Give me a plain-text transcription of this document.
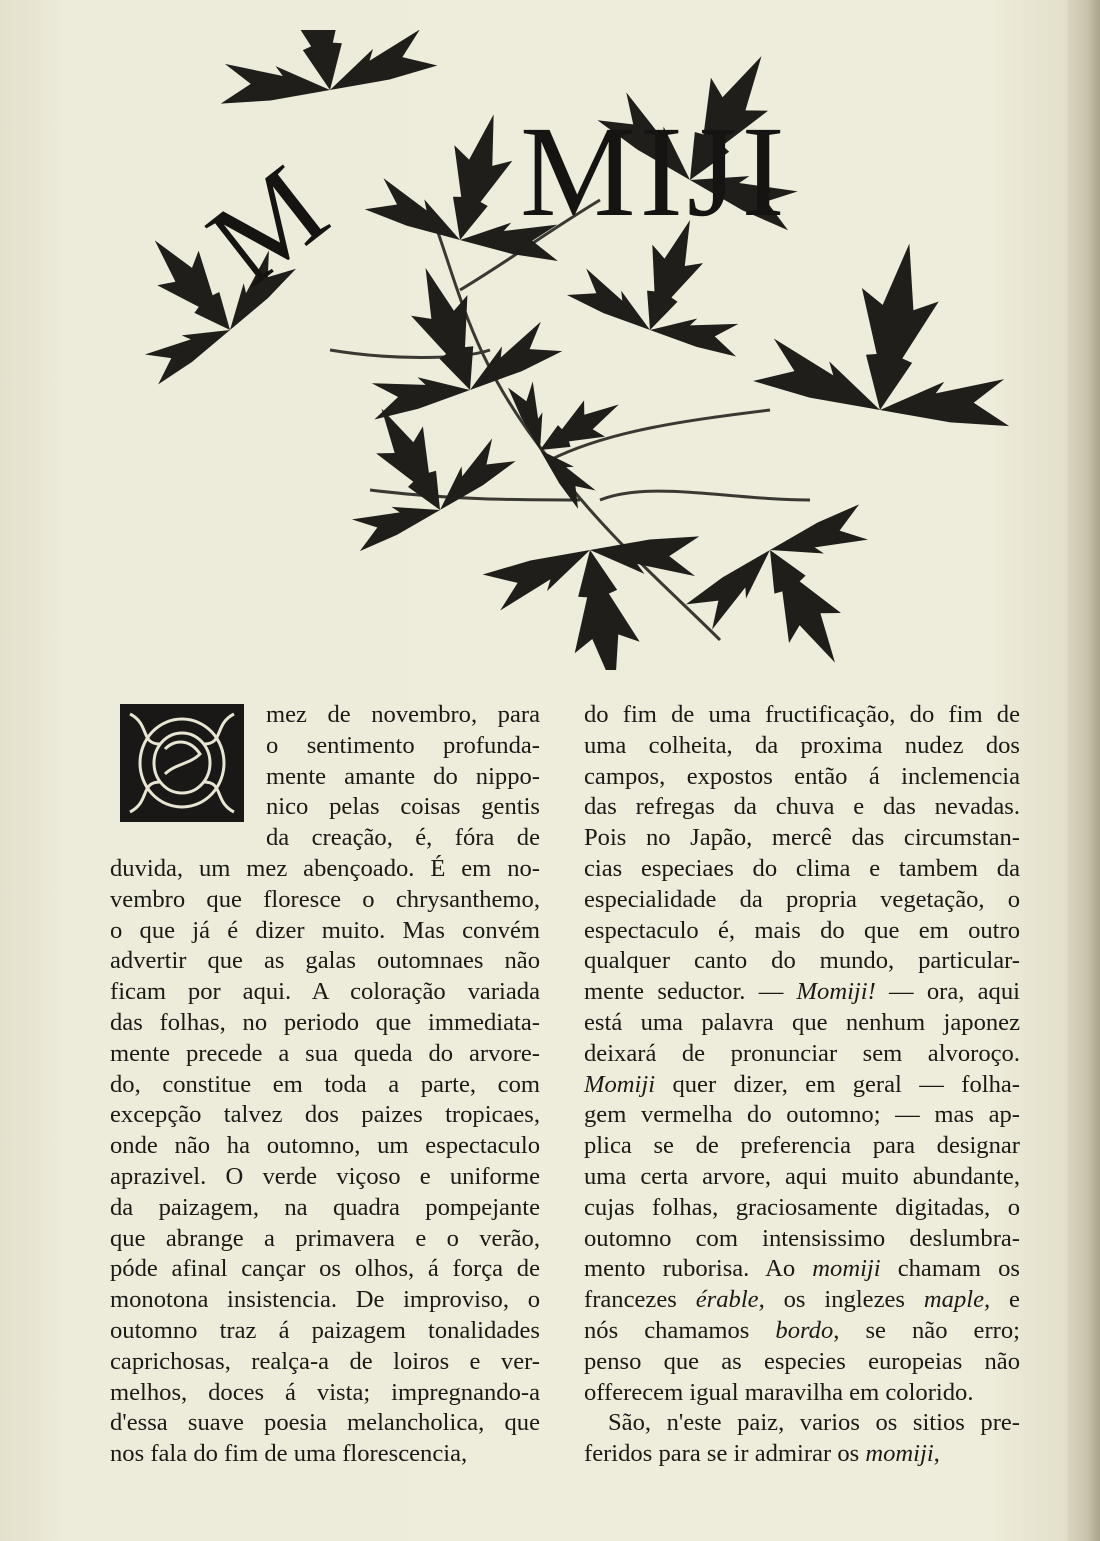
M MIJI
mez de novembro, para
o sentimento profunda-
mente amante do nippo-
nico pelas coisas gentis
da creação, é, fóra de
duvida, um mez abençoado. É em no-
vembro que floresce o chrysanthemo,
o que já é dizer muito. Mas convém
advertir que as galas outomnaes não
ficam por aqui. A coloração variada
das folhas, no periodo que immediata-
mente precede a sua queda do arvore-
do, constitue em toda a parte, com
excepção talvez dos paizes tropicaes,
onde não ha outomno, um espectaculo
aprazivel. O verde viçoso e uniforme
da paizagem, na quadra pompejante
que abrange a primavera e o verão,
póde afinal cançar os olhos, á força de
monotona insistencia. De improviso, o
outomno traz á paizagem tonalidades
caprichosas, realça-a de loiros e ver-
melhos, doces á vista; impregnando-a
d'essa suave poesia melancholica, que
nos fala do fim de uma florescencia,
do fim de uma fructificação, do fim de
uma colheita, da proxima nudez dos
campos, expostos então á inclemencia
das refregas da chuva e das nevadas.
Pois no Japão, mercê das circumstan-
cias especiaes do clima e tambem da
especialidade da propria vegetação, o
espectaculo é, mais do que em outro
qualquer canto do mundo, particular-
mente seductor. — Momiji! — ora, aqui
está uma palavra que nenhum japonez
deixará de pronunciar sem alvoroço.
Momiji quer dizer, em geral — folha-
gem vermelha do outomno; — mas ap-
plica se de preferencia para designar
uma certa arvore, aqui muito abundante,
cujas folhas, graciosamente digitadas, o
outomno com intensissimo deslumbra-
mento ruborisa. Ao momiji chamam os
francezes érable, os inglezes maple, e
nós chamamos bordo, se não erro;
penso que as especies europeias não
offerecem igual maravilha em colorido.
São, n'este paiz, varios os sitios pre-
feridos para se ir admirar os momiji,
